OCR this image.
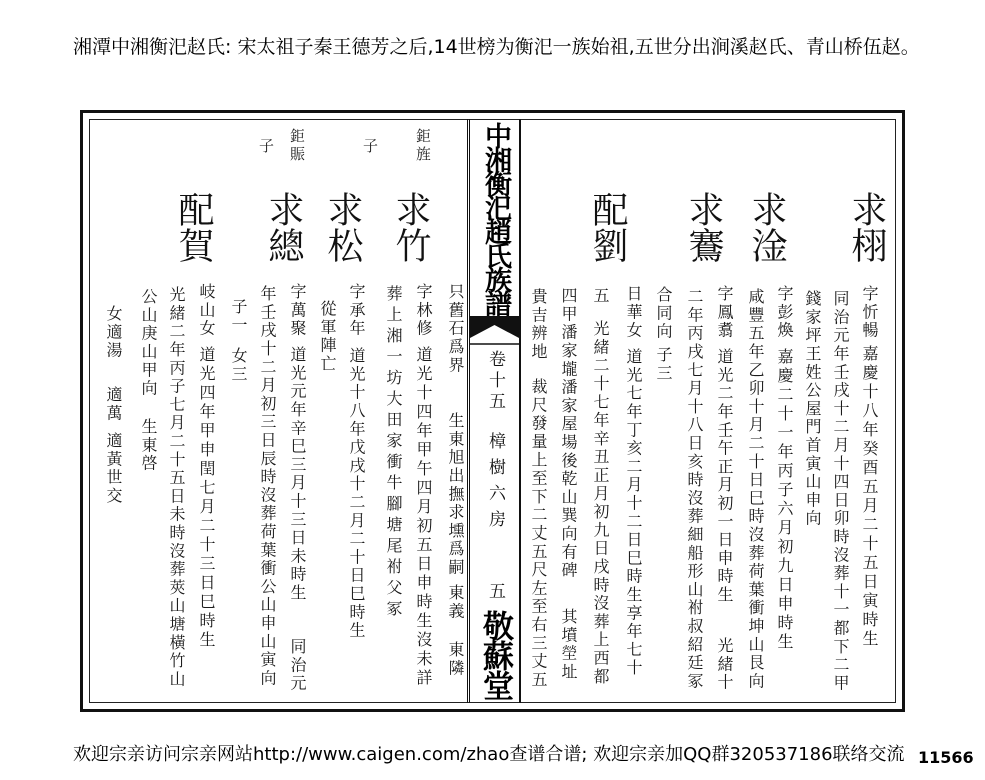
湘潭中湘衡汜赵氏: 宋太祖子秦王德芳之后,14世榜为衡汜一族始祖,五世分出涧溪赵氏、青山桥伍赵。
欢迎宗亲访问宗亲网站http://www.caigen.com/zhao查谱合谱; 欢迎宗亲加QQ群320537186联络交流 11566
中湘衡汜趙氏族譜
卷十五
樟樹六房
五
敬蘇堂
求栩
字忻暢
嘉慶十八年癸酉五月二十五日寅時生
同治元年壬戌十二月十四日卯時沒葬十一都下二甲
錢家坪王姓公屋門首寅山申向
求淦
字彭煥
嘉慶二十一年丙子六月初九日申時生
咸豐五年乙卯十月二十日巳時沒葬荷葉衝坤山艮向
求鶱
字鳳翥
道光二年壬午正月初一日申時生
光緒十
二年丙戌七月十八日亥時沒葬細船形山祔叔紹廷冢
合同向
子三
配劉
日華女
道光七年丁亥二月十二日巳時生享年七十
五
光緒二十七年辛丑正月初九日戌時沒葬上西都
四甲潘家壠潘家屋場後乾山巽向有碑
其墳塋址
貴吉辨地
裁尺發量上至下二丈五尺左至右三丈五
鉅旌
子
鉅賑
子
只舊石爲界
生東旭出撫求壎爲嗣
東義
東隣
求竹
字林修
道光十四年甲午四月初五日申時生沒未詳
葬上湘一坊大田家衝牛腳塘尾祔父冢
求松
字承年
道光十八年戊戌十二月二十日巳時生
從軍陣亡
求總
字萬聚
道光元年辛巳三月十三日未時生
同治元
年壬戌十二月初三日辰時沒葬荷葉衝公山申山寅向
子一
女三
配賀
岐山女
道光四年甲申閏七月二十三日巳時生
光緒二年丙子七月二十五日未時沒葬莢山塘橫竹山
公山庚山甲向
生東啓
女適湯
適萬
適黃世交
